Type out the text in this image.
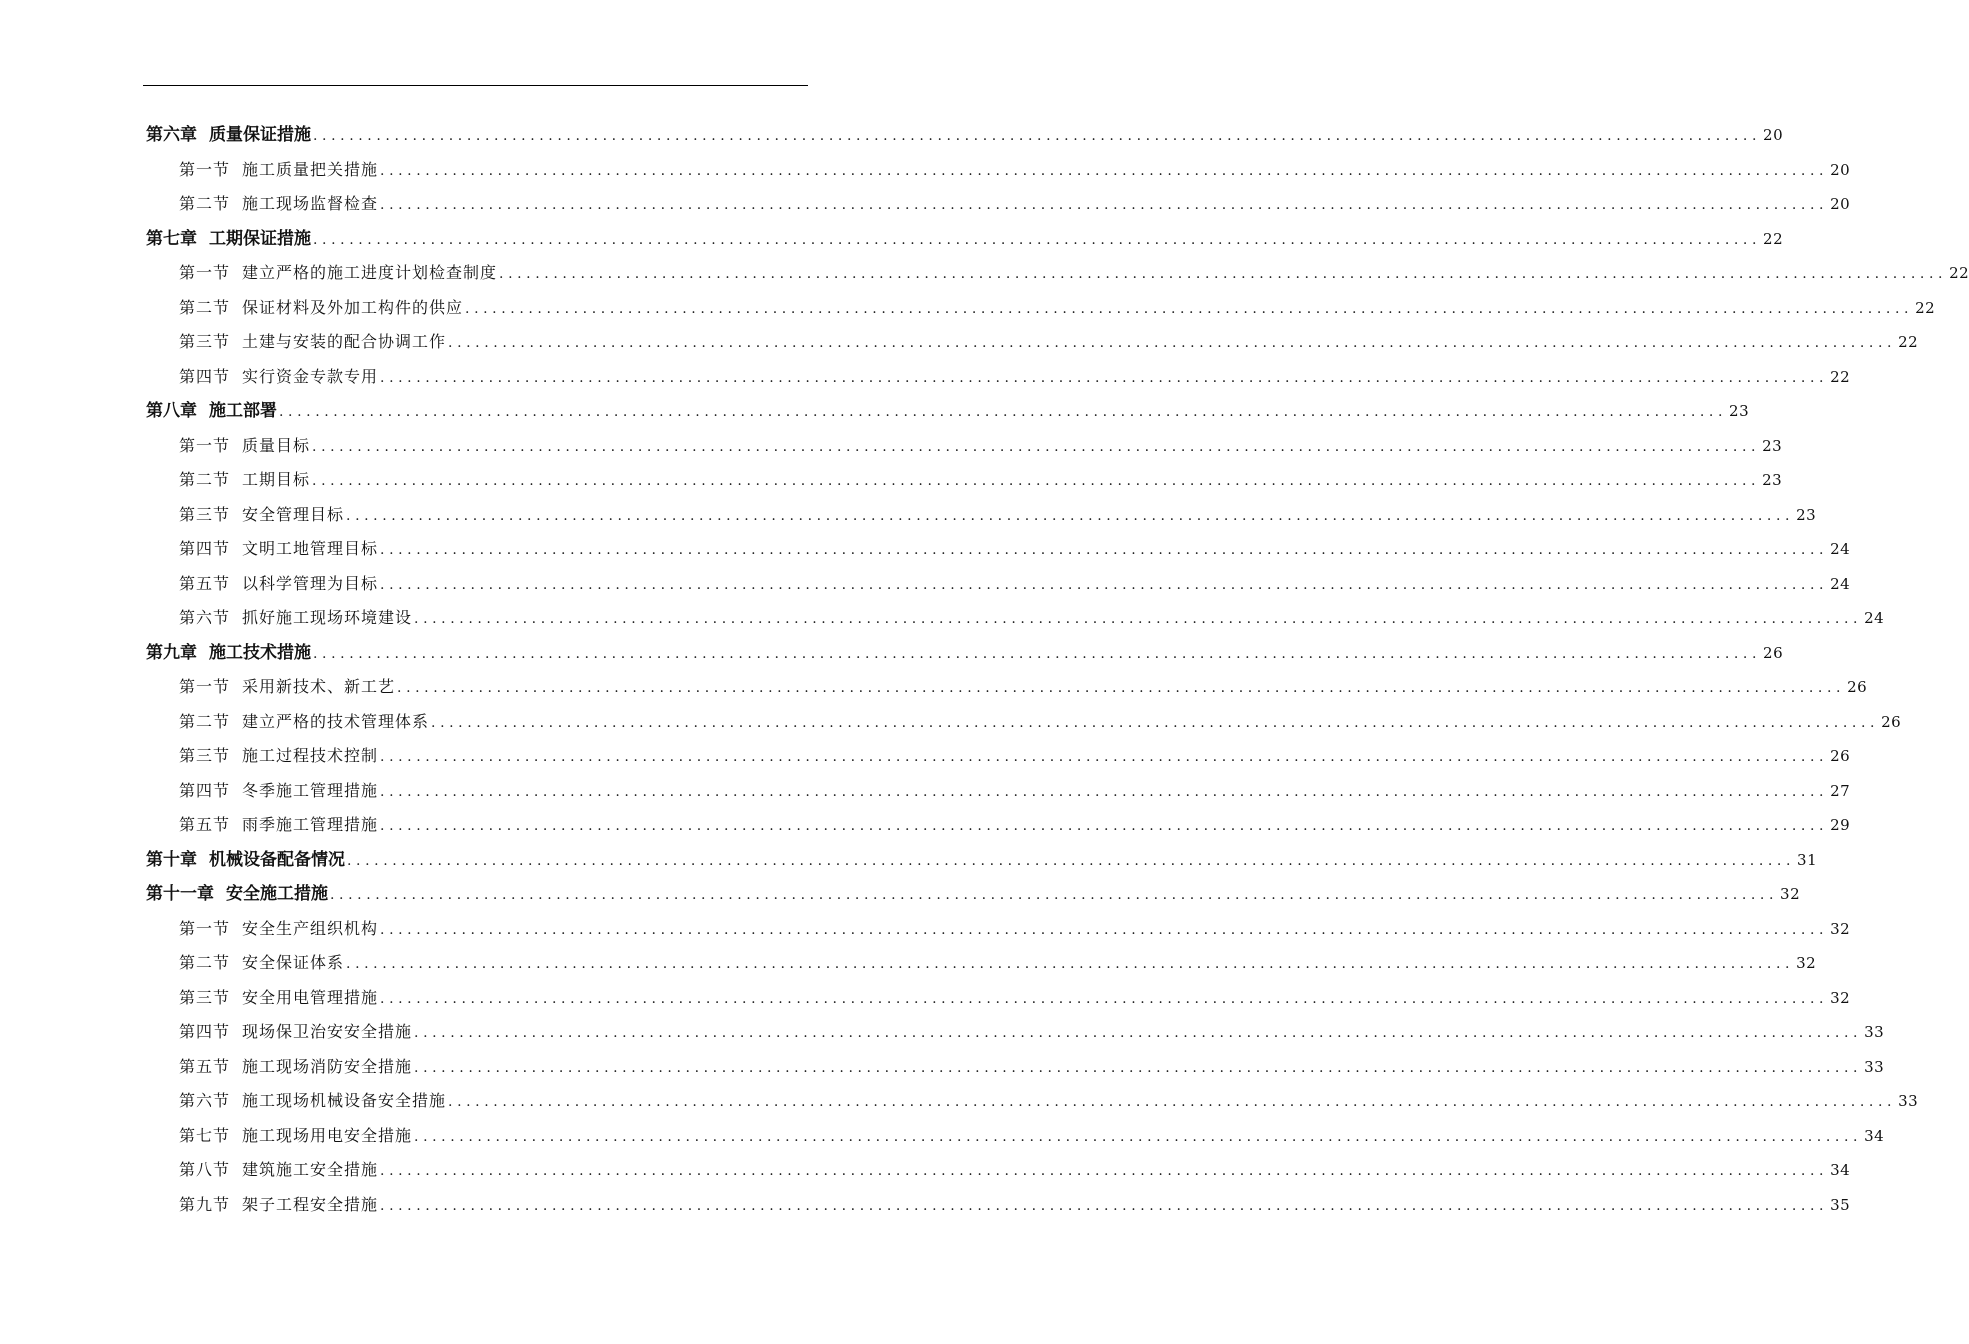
第六章 质量保证措施 ................................................................................................................................................................ 20
第一节 施工质量把关措施 ................................................................................................................................................................ 20
第二节 施工现场监督检查 ................................................................................................................................................................ 20
第七章 工期保证措施 ................................................................................................................................................................ 22
第一节 建立严格的施工进度计划检查制度 ................................................................................................................................................................ 22
第二节 保证材料及外加工构件的供应 ................................................................................................................................................................ 22
第三节 土建与安装的配合协调工作 ................................................................................................................................................................ 22
第四节 实行资金专款专用 ................................................................................................................................................................ 22
第八章 施工部署 ................................................................................................................................................................ 23
第一节 质量目标 ................................................................................................................................................................ 23
第二节 工期目标 ................................................................................................................................................................ 23
第三节 安全管理目标 ................................................................................................................................................................ 23
第四节 文明工地管理目标 ................................................................................................................................................................ 24
第五节 以科学管理为目标 ................................................................................................................................................................ 24
第六节 抓好施工现场环境建设 ................................................................................................................................................................ 24
第九章 施工技术措施 ................................................................................................................................................................ 26
第一节 采用新技术、新工艺 ................................................................................................................................................................ 26
第二节 建立严格的技术管理体系 ................................................................................................................................................................ 26
第三节 施工过程技术控制 ................................................................................................................................................................ 26
第四节 冬季施工管理措施 ................................................................................................................................................................ 27
第五节 雨季施工管理措施 ................................................................................................................................................................ 29
第十章 机械设备配备情况 ................................................................................................................................................................ 31
第十一章 安全施工措施 ................................................................................................................................................................ 32
第一节 安全生产组织机构 ................................................................................................................................................................ 32
第二节 安全保证体系 ................................................................................................................................................................ 32
第三节 安全用电管理措施 ................................................................................................................................................................ 32
第四节 现场保卫治安安全措施 ................................................................................................................................................................ 33
第五节 施工现场消防安全措施 ................................................................................................................................................................ 33
第六节 施工现场机械设备安全措施 ................................................................................................................................................................ 33
第七节 施工现场用电安全措施 ................................................................................................................................................................ 34
第八节 建筑施工安全措施 ................................................................................................................................................................ 34
第九节 架子工程安全措施 ................................................................................................................................................................ 35
